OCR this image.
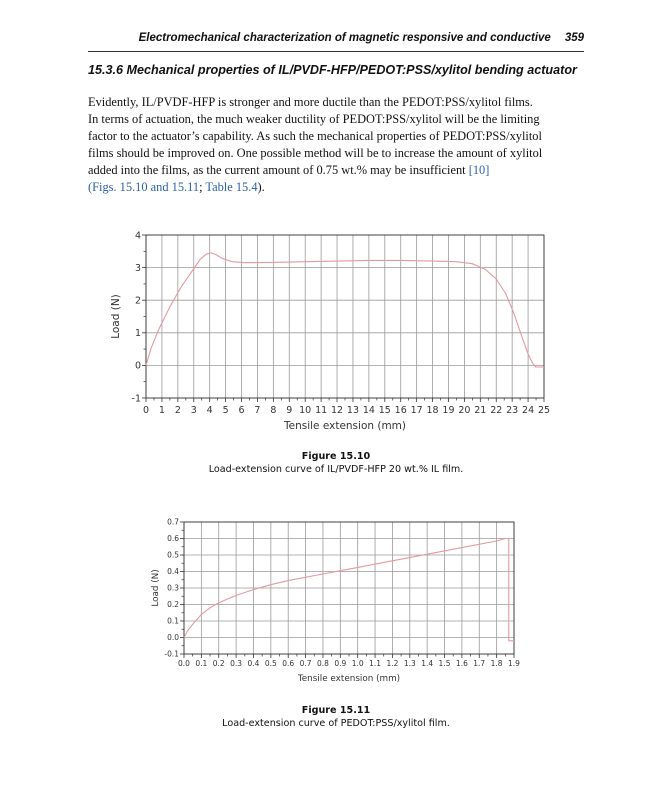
Electromechanical characterization of magnetic responsive and conductive 359
15.3.6 Mechanical properties of IL/PVDF-HFP/PEDOT:PSS/xylitol bending actuator
Evidently, IL/PVDF-HFP is stronger and more ductile than the PEDOT:PSS/xylitol films.
In terms of actuation, the much weaker ductility of PEDOT:PSS/xylitol will be the limiting
factor to the actuator’s capability. As such the mechanical properties of PEDOT:PSS/xylitol
films should be improved on. One possible method will be to increase the amount of xylitol
added into the films, as the current amount of 0.75 wt.% may be insufficient [10]
(Figs. 15.10 and 15.11; Table 15.4).
0 1 2 3 4 5 6 7 8 9 10 11 12 13 14 15 16 17 18 19 20 21 22 23 24 25
-1
0
1
2
3
4
Tensile extension (mm)
Load (N)
Figure 15.10
Load-extension curve of IL/PVDF-HFP 20 wt.% IL film.
0.0 0.1 0.2 0.3 0.4 0.5 0.6 0.7 0.8 0.9 1.0 1.1 1.2 1.3 1.4 1.5 1.6 1.7 1.8 1.9
-0.1
0.0
0.1
0.2
0.3
0.4
0.5
0.6
0.7
Tensile extension (mm)
Load (N)
Figure 15.11
Load-extension curve of PEDOT:PSS/xylitol film.
